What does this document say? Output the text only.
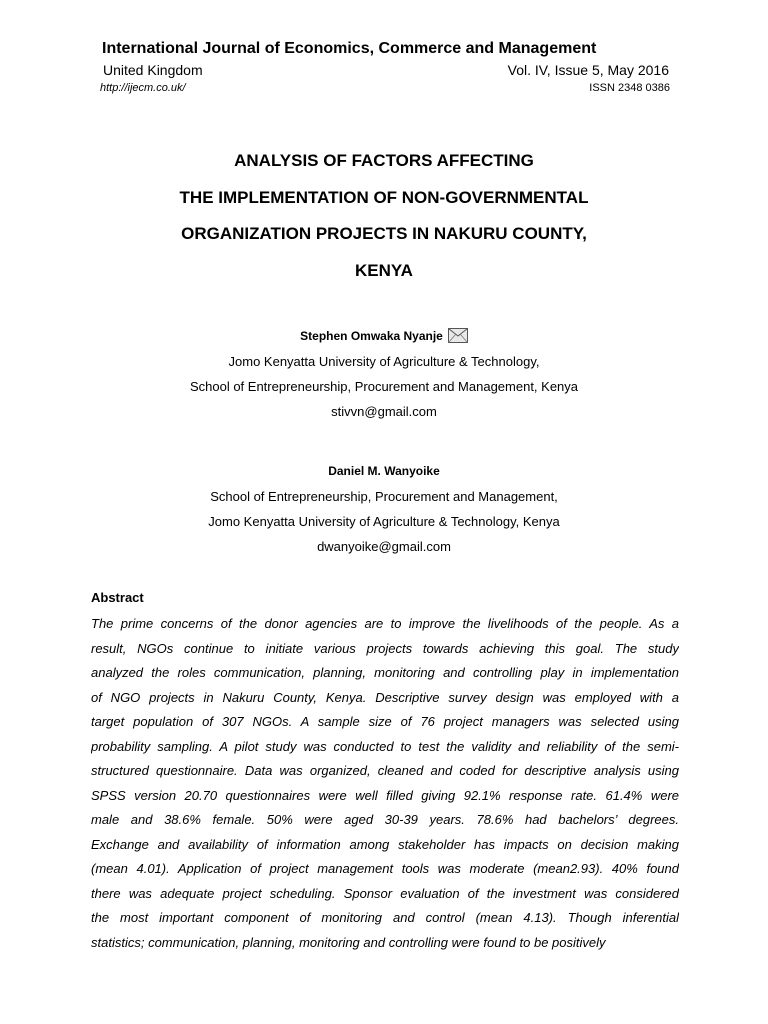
International Journal of Economics, Commerce and Management
United Kingdom	Vol. IV, Issue 5, May 2016
http://ijecm.co.uk/	ISSN 2348 0386
ANALYSIS OF FACTORS AFFECTING
THE IMPLEMENTATION OF NON-GOVERNMENTAL
ORGANIZATION PROJECTS IN NAKURU COUNTY,
KENYA
Stephen Omwaka Nyanje
Jomo Kenyatta University of Agriculture & Technology,
School of Entrepreneurship, Procurement and Management, Kenya
stivvn@gmail.com
Daniel M. Wanyoike
School of Entrepreneurship, Procurement and Management,
Jomo Kenyatta University of Agriculture & Technology, Kenya
dwanyoike@gmail.com
Abstract
The prime concerns of the donor agencies are to improve the livelihoods of the people. As a
result, NGOs continue to initiate various projects towards achieving this goal. The study
analyzed the roles communication, planning, monitoring and controlling play in implementation
of NGO projects in Nakuru County, Kenya. Descriptive survey design was employed with a
target population of 307 NGOs. A sample size of 76 project managers was selected using
probability sampling. A pilot study was conducted to test the validity and reliability of the semi-
structured questionnaire. Data was organized, cleaned and coded for descriptive analysis using
SPSS version 20.70 questionnaires were well filled giving 92.1% response rate. 61.4% were
male and 38.6% female. 50% were aged 30-39 years. 78.6% had bachelors’ degrees.
Exchange and availability of information among stakeholder has impacts on decision making
(mean 4.01). Application of project management tools was moderate (mean2.93). 40% found
there was adequate project scheduling. Sponsor evaluation of the investment was considered
the most important component of monitoring and control (mean 4.13). Though inferential
statistics; communication, planning, monitoring and controlling were found to be positively
